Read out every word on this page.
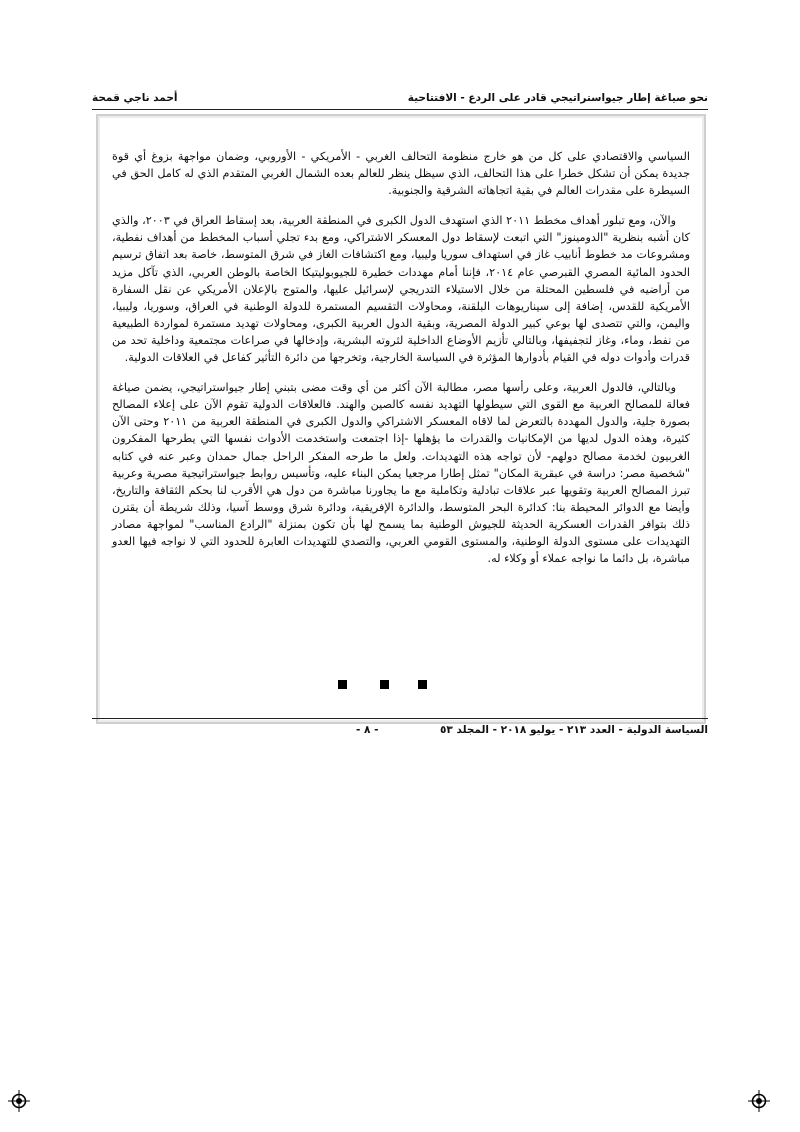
نحو صياغة إطار جيواستراتيجي قادر على الردع - الافتتاحية
أحمد ناجي قمحة

السياسي والاقتصادي على كل من هو خارج منظومة التحالف الغربي - الأمريكي - الأوروبي، وضمان مواجهة بزوغ أي قوة جديدة يمكن أن تشكل خطرا على هذا التحالف، الذي سيظل ينظر للعالم بعده الشمال الغربي المتقدم الذي له كامل الحق في السيطرة على مقدرات العالم في بقية اتجاهاته الشرقية والجنوبية.

والآن، ومع تبلور أهداف مخطط ٢٠١١ الذي استهدف الدول الكبرى في المنطقة العربية، بعد إسقاط العراق في ٢٠٠٣، والذي كان أشبه بنظرية "الدومينوز" التي اتبعت لإسقاط دول المعسكر الاشتراكي، ومع بدء تجلي أسباب المخطط من أهداف نفطية، ومشروعات مد خطوط أنابيب غاز في استهداف سوريا وليبيا، ومع اكتشافات الغاز في شرق المتوسط، خاصة بعد اتفاق ترسيم الحدود المائية المصري القبرصي عام ٢٠١٤، فإننا أمام مهددات خطيرة للجيوبوليتيكا الخاصة بالوطن العربي، الذي تآكل مزيد من أراضيه في فلسطين المحتلة من خلال الاستيلاء التدريجي لإسرائيل عليها، والمتوج بالإعلان الأمريكي عن نقل السفارة الأمريكية للقدس، إضافة إلى سيناريوهات البلقنة، ومحاولات التقسيم المستمرة للدولة الوطنية في العراق، وسوريا، وليبيا، واليمن، والتي تتصدى لها بوعي كبير الدولة المصرية، وبقية الدول العربية الكبرى، ومحاولات تهديد مستمرة لمواردة الطبيعية من نفط، وماء، وغاز لتجفيفها، وبالتالي تأزيم الأوضاع الداخلية لثروته البشرية، وإدخالها في صراعات مجتمعية وداخلية تحد من قدرات وأدوات دوله في القيام بأدوارها المؤثرة في السياسة الخارجية، وتخرجها من دائرة التأثير كفاعل في العلاقات الدولية.

وبالتالي، فالدول العربية، وعلى رأسها مصر، مطالبة الآن أكثر من أي وقت مضى بتبني إطار جيواستراتيجي، يضمن صياغة فعالة للمصالح العربية مع القوى التي سيطولها التهديد نفسه كالصين والهند. فالعلاقات الدولية تقوم الآن على إعلاء المصالح بصورة جلية، والدول المهددة بالتعرض لما لاقاه المعسكر الاشتراكي والدول الكبرى في المنطقة العربية من ٢٠١١ وحتى الآن كثيرة، وهذه الدول لديها من الإمكانيات والقدرات ما يؤهلها -إذا اجتمعت واستخدمت الأدوات نفسها التي يطرحها المفكرون الغربيون لخدمة مصالح دولهم- لأن تواجه هذه التهديدات. ولعل ما طرحه المفكر الراحل جمال حمدان وعبر عنه في كتابه "شخصية مصر: دراسة في عبقرية المكان" تمثل إطارا مرجعيا يمكن البناء عليه، وتأسيس روابط جيواستراتيجية مصرية وعربية تبرز المصالح العربية وتقويها عبر علاقات تبادلية وتكاملية مع ما يجاورنا مباشرة من دول هي الأقرب لنا بحكم الثقافة والتاريخ، وأيضا مع الدوائر المحيطة بنا: كدائرة البحر المتوسط، والدائرة الإفريقية، ودائرة شرق ووسط آسيا، وذلك شريطة أن يقترن ذلك بتوافر القدرات العسكرية الحديثة للجيوش الوطنية بما يسمح لها بأن تكون بمنزلة "الرادع المناسب" لمواجهة مصادر التهديدات على مستوى الدولة الوطنية، والمستوى القومي العربي، والتصدي للتهديدات العابرة للحدود التي لا نواجه فيها العدو مباشرة، بل دائما ما نواجه عملاء أو وكلاء له.

السياسة الدولية - العدد ٢١٣ - يوليو ٢٠١٨ - المجلد ٥٣
- ٨ -
